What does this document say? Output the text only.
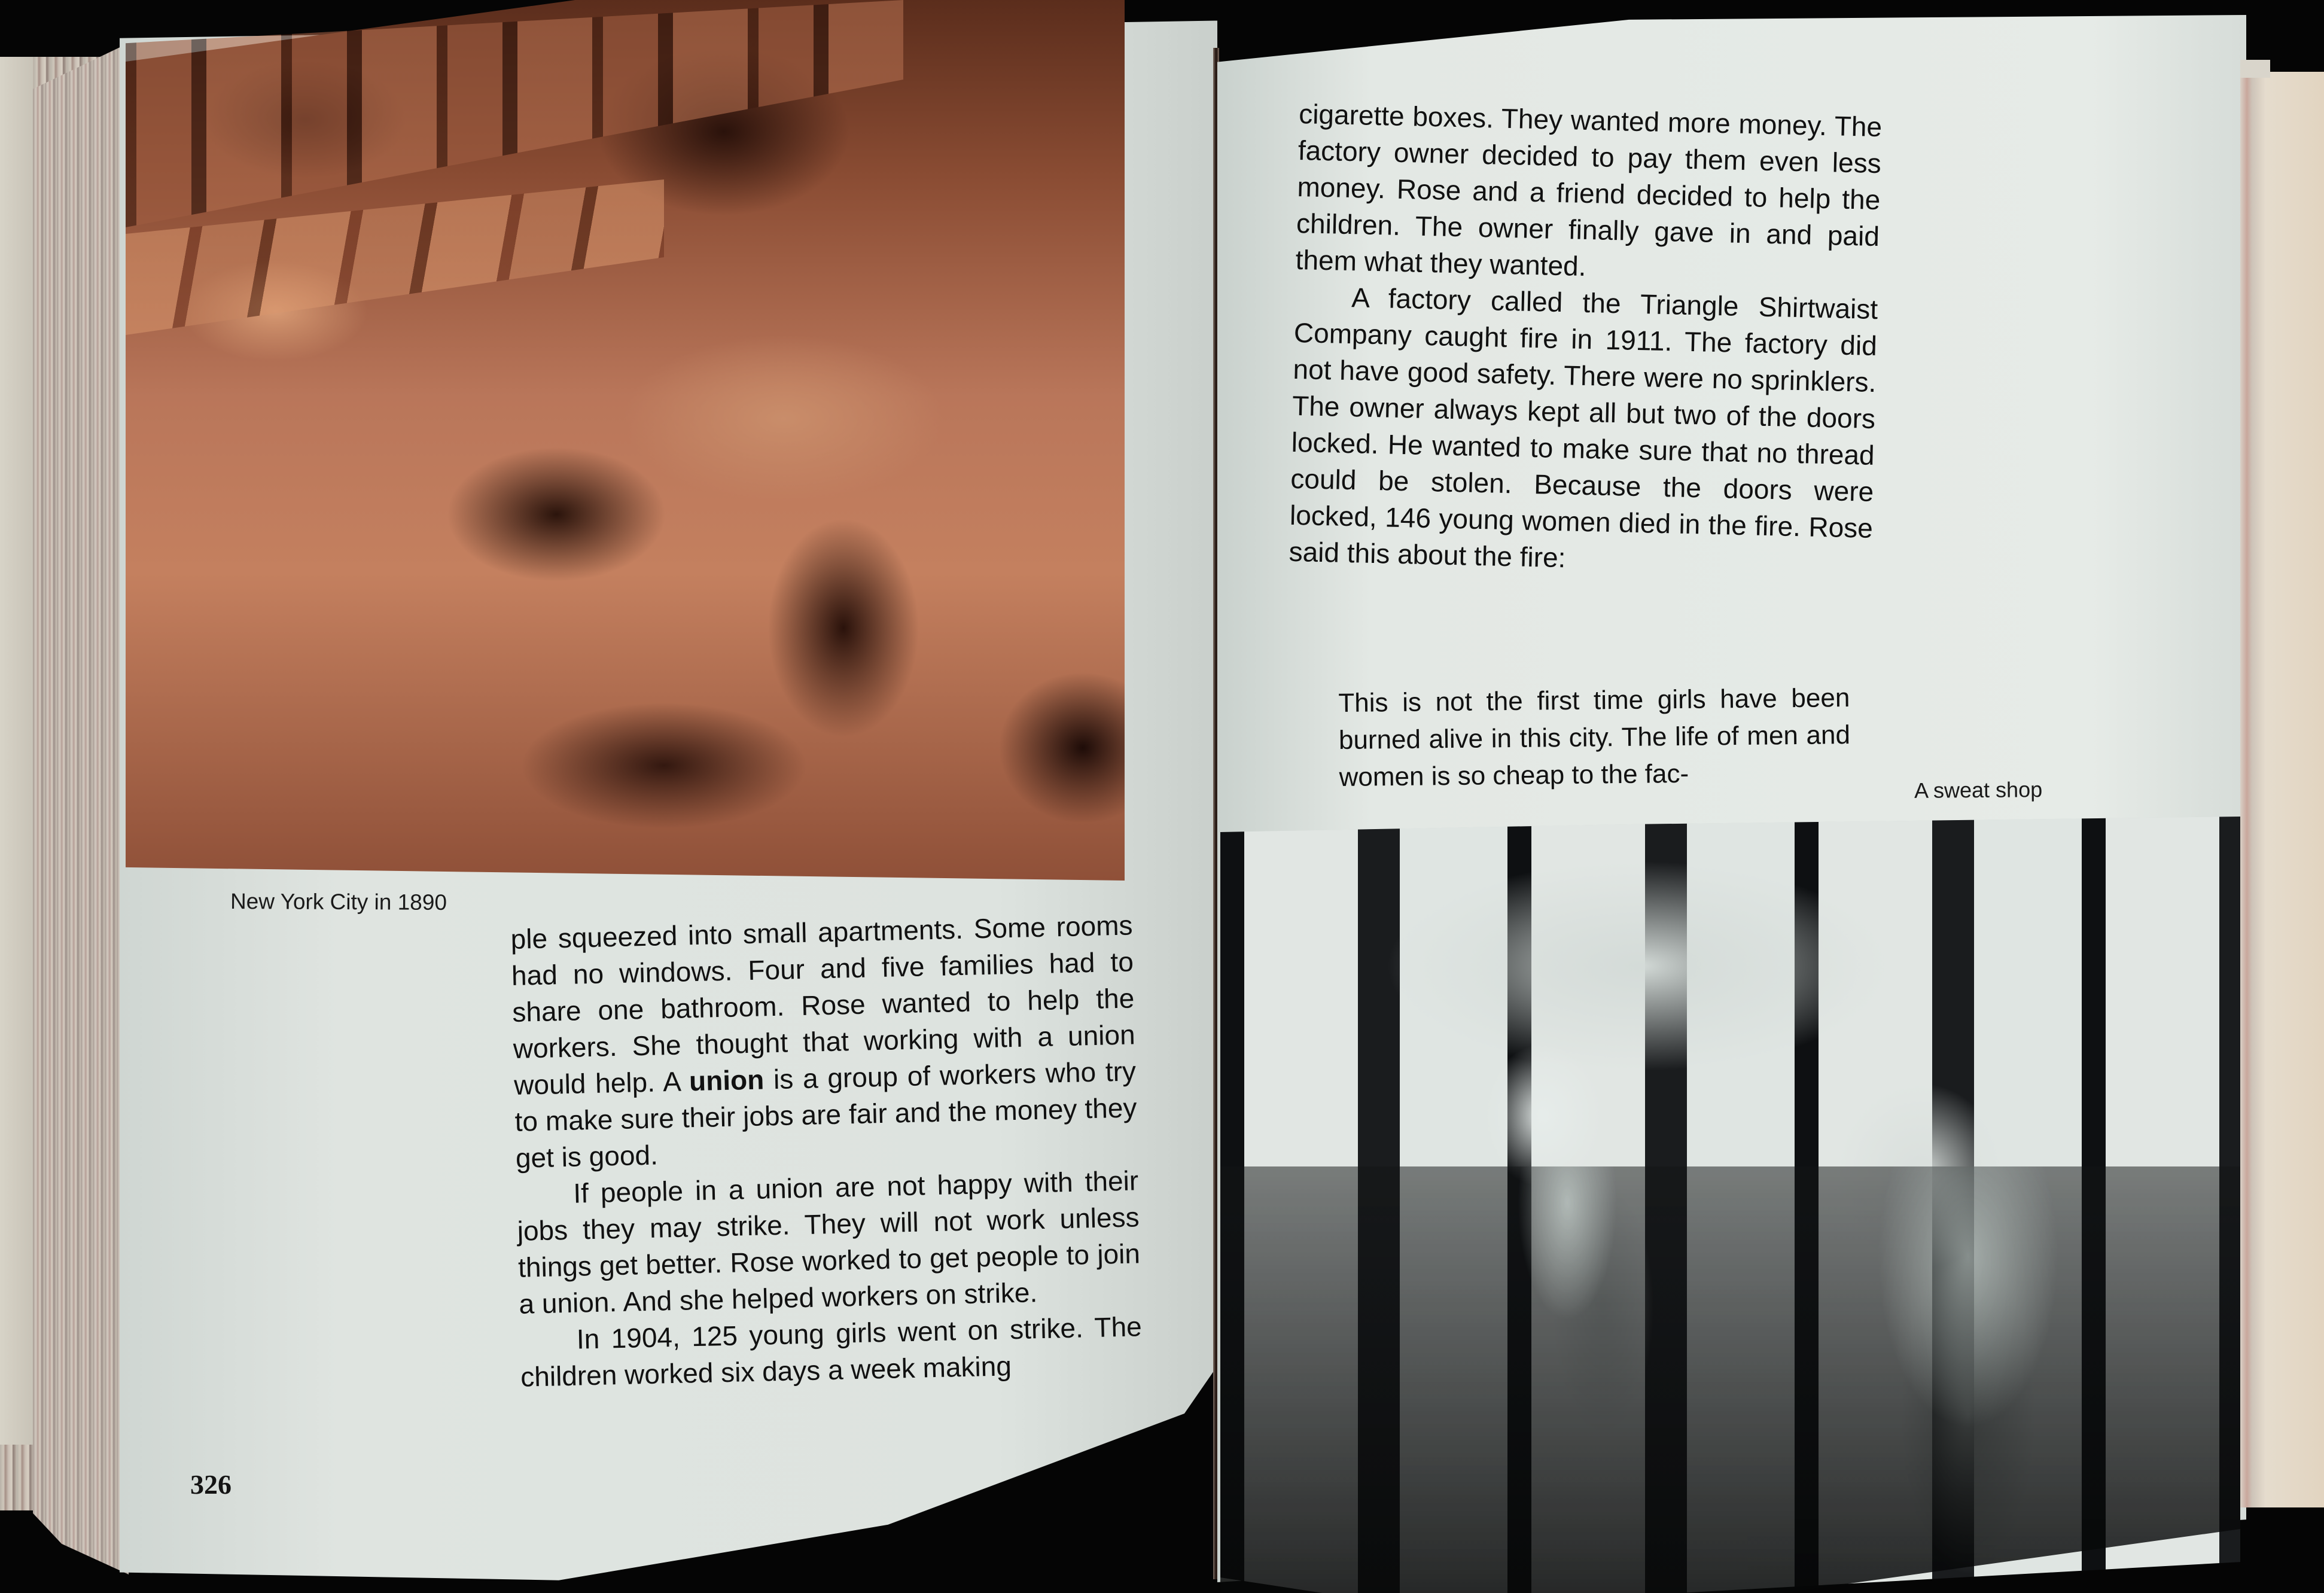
New York City in 1890

ple squeezed into small apartments. Some rooms had no windows. Four and five families had to share one bathroom. Rose wanted to help the workers. She thought that working with a union would help. A union is a group of workers who try to make sure their jobs are fair and the money they get is good.

If people in a union are not happy with their jobs they may strike. They will not work unless things get better. Rose worked to get people to join a union. And she helped workers on strike.

In 1904, 125 young girls went on strike. The children worked six days a week making

326

cigarette boxes. They wanted more money. The factory owner decided to pay them even less money. Rose and a friend decided to help the children. The owner finally gave in and paid them what they wanted.

A factory called the Triangle Shirtwaist Company caught fire in 1911. The factory did not have good safety. There were no sprinklers. The owner always kept all but two of the doors locked. He wanted to make sure that no thread could be stolen. Because the doors were locked, 146 young women died in the fire. Rose said this about the fire:

This is not the first time girls have been burned alive in this city. The life of men and women is so cheap to the fac-	A sweat shop
